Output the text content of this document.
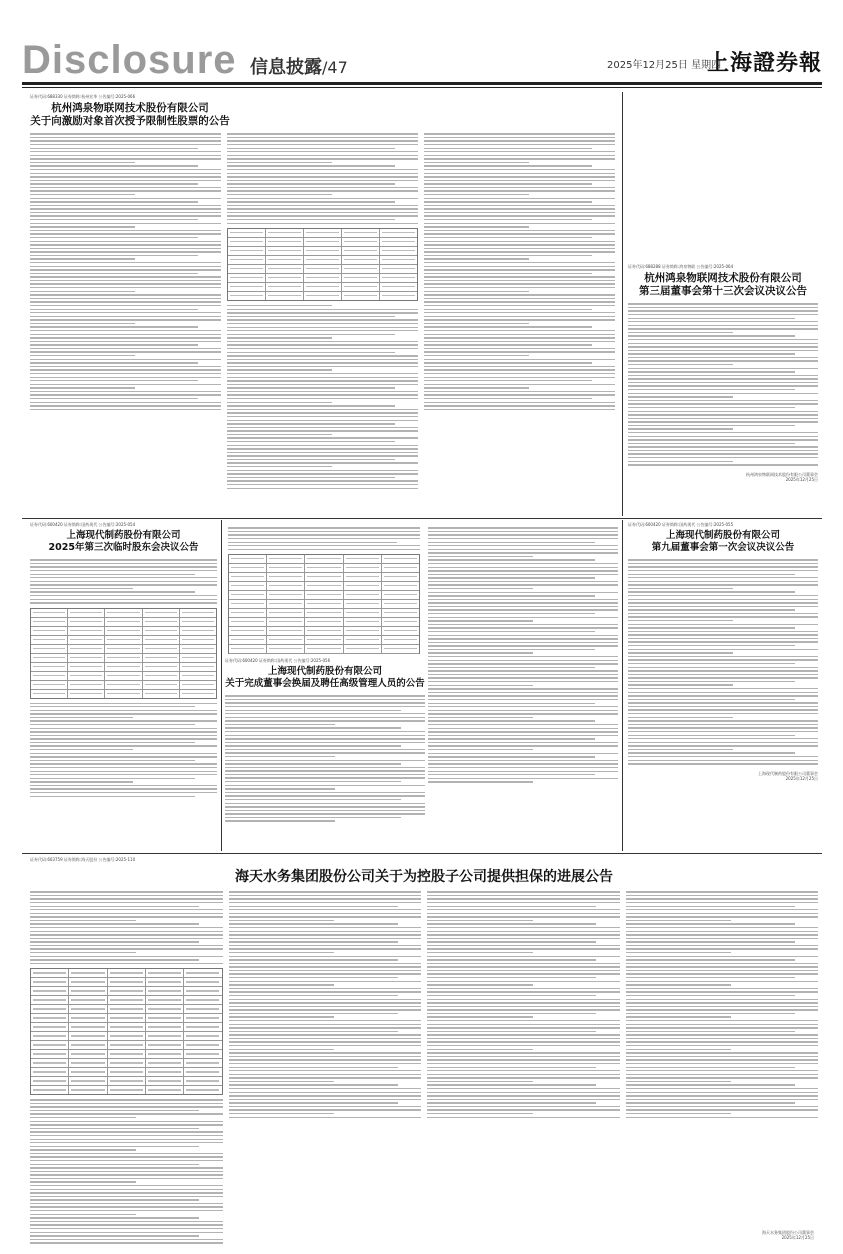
Disclosure 信息披露/47	2025年12月25日 星期四
上海證券報
证券代码:688330 证券简称:杭州宏华 公告编号:2025-066
杭州鸿泉物联网技术股份有限公司
关于向激励对象首次授予限制性股票的公告
证券代码:688288 证券简称:鸿泉物联 公告编号:2025-064
杭州鸿泉物联网技术股份有限公司
第三届董事会第十三次会议决议公告
杭州鸿泉物联网技术股份有限公司董事会
2025年12月25日
证券代码:600420 证券简称:国药现代 公告编号:2025-054
上海现代制药股份有限公司
2025年第三次临时股东会决议公告
证券代码:600420 证券简称:国药现代 公告编号:2025-056
上海现代制药股份有限公司
关于完成董事会换届及聘任高级管理人员的公告
证券代码:600420 证券简称:国药现代 公告编号:2025-055
上海现代制药股份有限公司
第九届董事会第一次会议决议公告
上海现代制药股份有限公司董事会
2025年12月25日
证券代码:603759 证券简称:海天股份 公告编号:2025-110
海天水务集团股份公司关于为控股子公司提供担保的进展公告
海天水务集团股份公司董事会
2025年12月25日
